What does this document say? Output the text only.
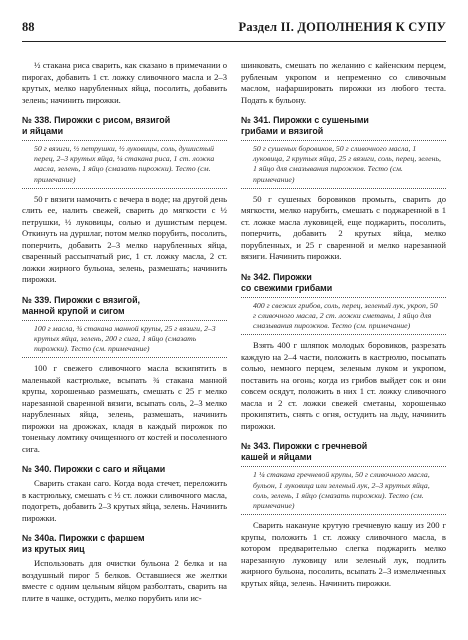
88	Раздел II. ДОПОЛНЕНИЯ К СУПУ

½ стакана риса сварить, как сказано в примечании о пирогах, добавить 1 ст. ложку сливочного масла и 2–3 крутых, мелко нарубленных яйца, посолить, добавить зелень; начинить пирожки.

№ 338. Пирожки с рисом, вязигой
и яйцами
50 г вязиги, ½ петрушки, ½ луковицы, соль, душистый перец, 2–3 крутых яйца, ¼ стакана риса, 1 ст. ложка масла, зелень, 1 яйцо (смазать пирожки). Тесто (см. примечание)

50 г вязиги намочить с вечера в воде; на другой день слить ее, налить свежей, сварить до мягкости с ½ петрушки, ½ луковицы, солью и душистым перцем. Откинуть на дуршлаг, потом мелко порубить, посолить, поперчить, добавить 2–3 мелко нарубленных яйца, сваренный рассыпчатый рис, 1 ст. ложку масла, 2 ст. ложки жирного бульона, зелень, размешать; начинить пирожки.

№ 339. Пирожки с вязигой,
манной крупой и сигом
100 г масла, ¾ стакана манной крупы, 25 г вязиги, 2–3 крутых яйца, зелень, 200 г сига, 1 яйцо (смазать пирожки). Тесто (см. примечание)

100 г свежего сливочного масла вскипятить в маленькой кастрюльке, всыпать ¾ стакана манной крупы, хорошенько размешать, смешать с 25 г мелко нарезанной сваренной вязиги, всыпать соль, 2–3 мелко нарубленных яйца, зелень, размешать, начинить пирожки на дрожжах, кладя в каждый пирожок по тоненьку ломтику очищенного от костей и посоленного сига.

№ 340. Пирожки с саго и яйцами

Сварить стакан саго. Когда вода стечет, переложить в кастрюльку, смешать с ½ ст. ложки сливочного масла, подогреть, добавить 2–3 крутых яйца, зелень. Начинить пирожки.

№ 340а. Пирожки с фаршем
из крутых яиц

Использовать для очистки бульона 2 белка и на воздушный пирог 5 белков. Оставшиеся же желтки вместе с одним цельным яйцом разболтать, сварить на плите в чашке, остудить, мелко порубить или ис-

шинковать, смешать по желанию с кайенским перцем, рубленым укропом и непременно со сливочным маслом, нафаршировать пирожки из любого теста. Подать к бульону.

№ 341. Пирожки с сушеными
грибами и вязигой
50 г сушеных боровиков, 50 г сливочного масла, 1 луковица, 2 крутых яйца, 25 г вязиги, соль, перец, зелень, 1 яйцо для смазывания пирожков. Тесто (см. примечание)

50 г сушеных боровиков промыть, сварить до мягкости, мелко нарубить, смешать с поджаренной в 1 ст. ложке масла луковицей, еще поджарить, посолить, поперчить, добавить 2 крутых яйца, мелко порубленных, и 25 г сваренной и мелко нарезанной вязиги. Начинить пирожки.

№ 342. Пирожки
со свежими грибами
400 г свежих грибов, соль, перец, зеленый лук, укроп, 50 г сливочного масла, 2 ст. ложки сметаны, 1 яйцо для смазывания пирожков. Тесто (см. примечание)

Взять 400 г шляпок молодых боровиков, разрезать каждую на 2–4 части, положить в кастрюлю, посыпать солью, немного перцем, зеленым луком и укропом, поставить на огонь; когда из грибов выйдет сок и они совсем осядут, положить в них 1 ст. ложку сливочного масла и 2 ст. ложки свежей сметаны, хорошенько прокипятить, снять с огня, остудить на льду, начинить пирожки.

№ 343. Пирожки с гречневой
кашей и яйцами
1 ¼ стакана гречневой крупы, 50 г сливочного масла, бульон, 1 луковица или зеленый лук, 2–3 крутых яйца, соль, зелень, 1 яйцо (смазать пирожки). Тесто (см. примечание)

Сварить накануне крутую гречневую кашу из 200 г крупы, положить 1 ст. ложку сливочного масла, в котором предварительно слегка поджарить мелко нарезанную луковицу или зеленый лук, подлить жирного бульона, посолить, всыпать 2–3 измельченных крутых яйца, зелень. Начинить пирожки.
